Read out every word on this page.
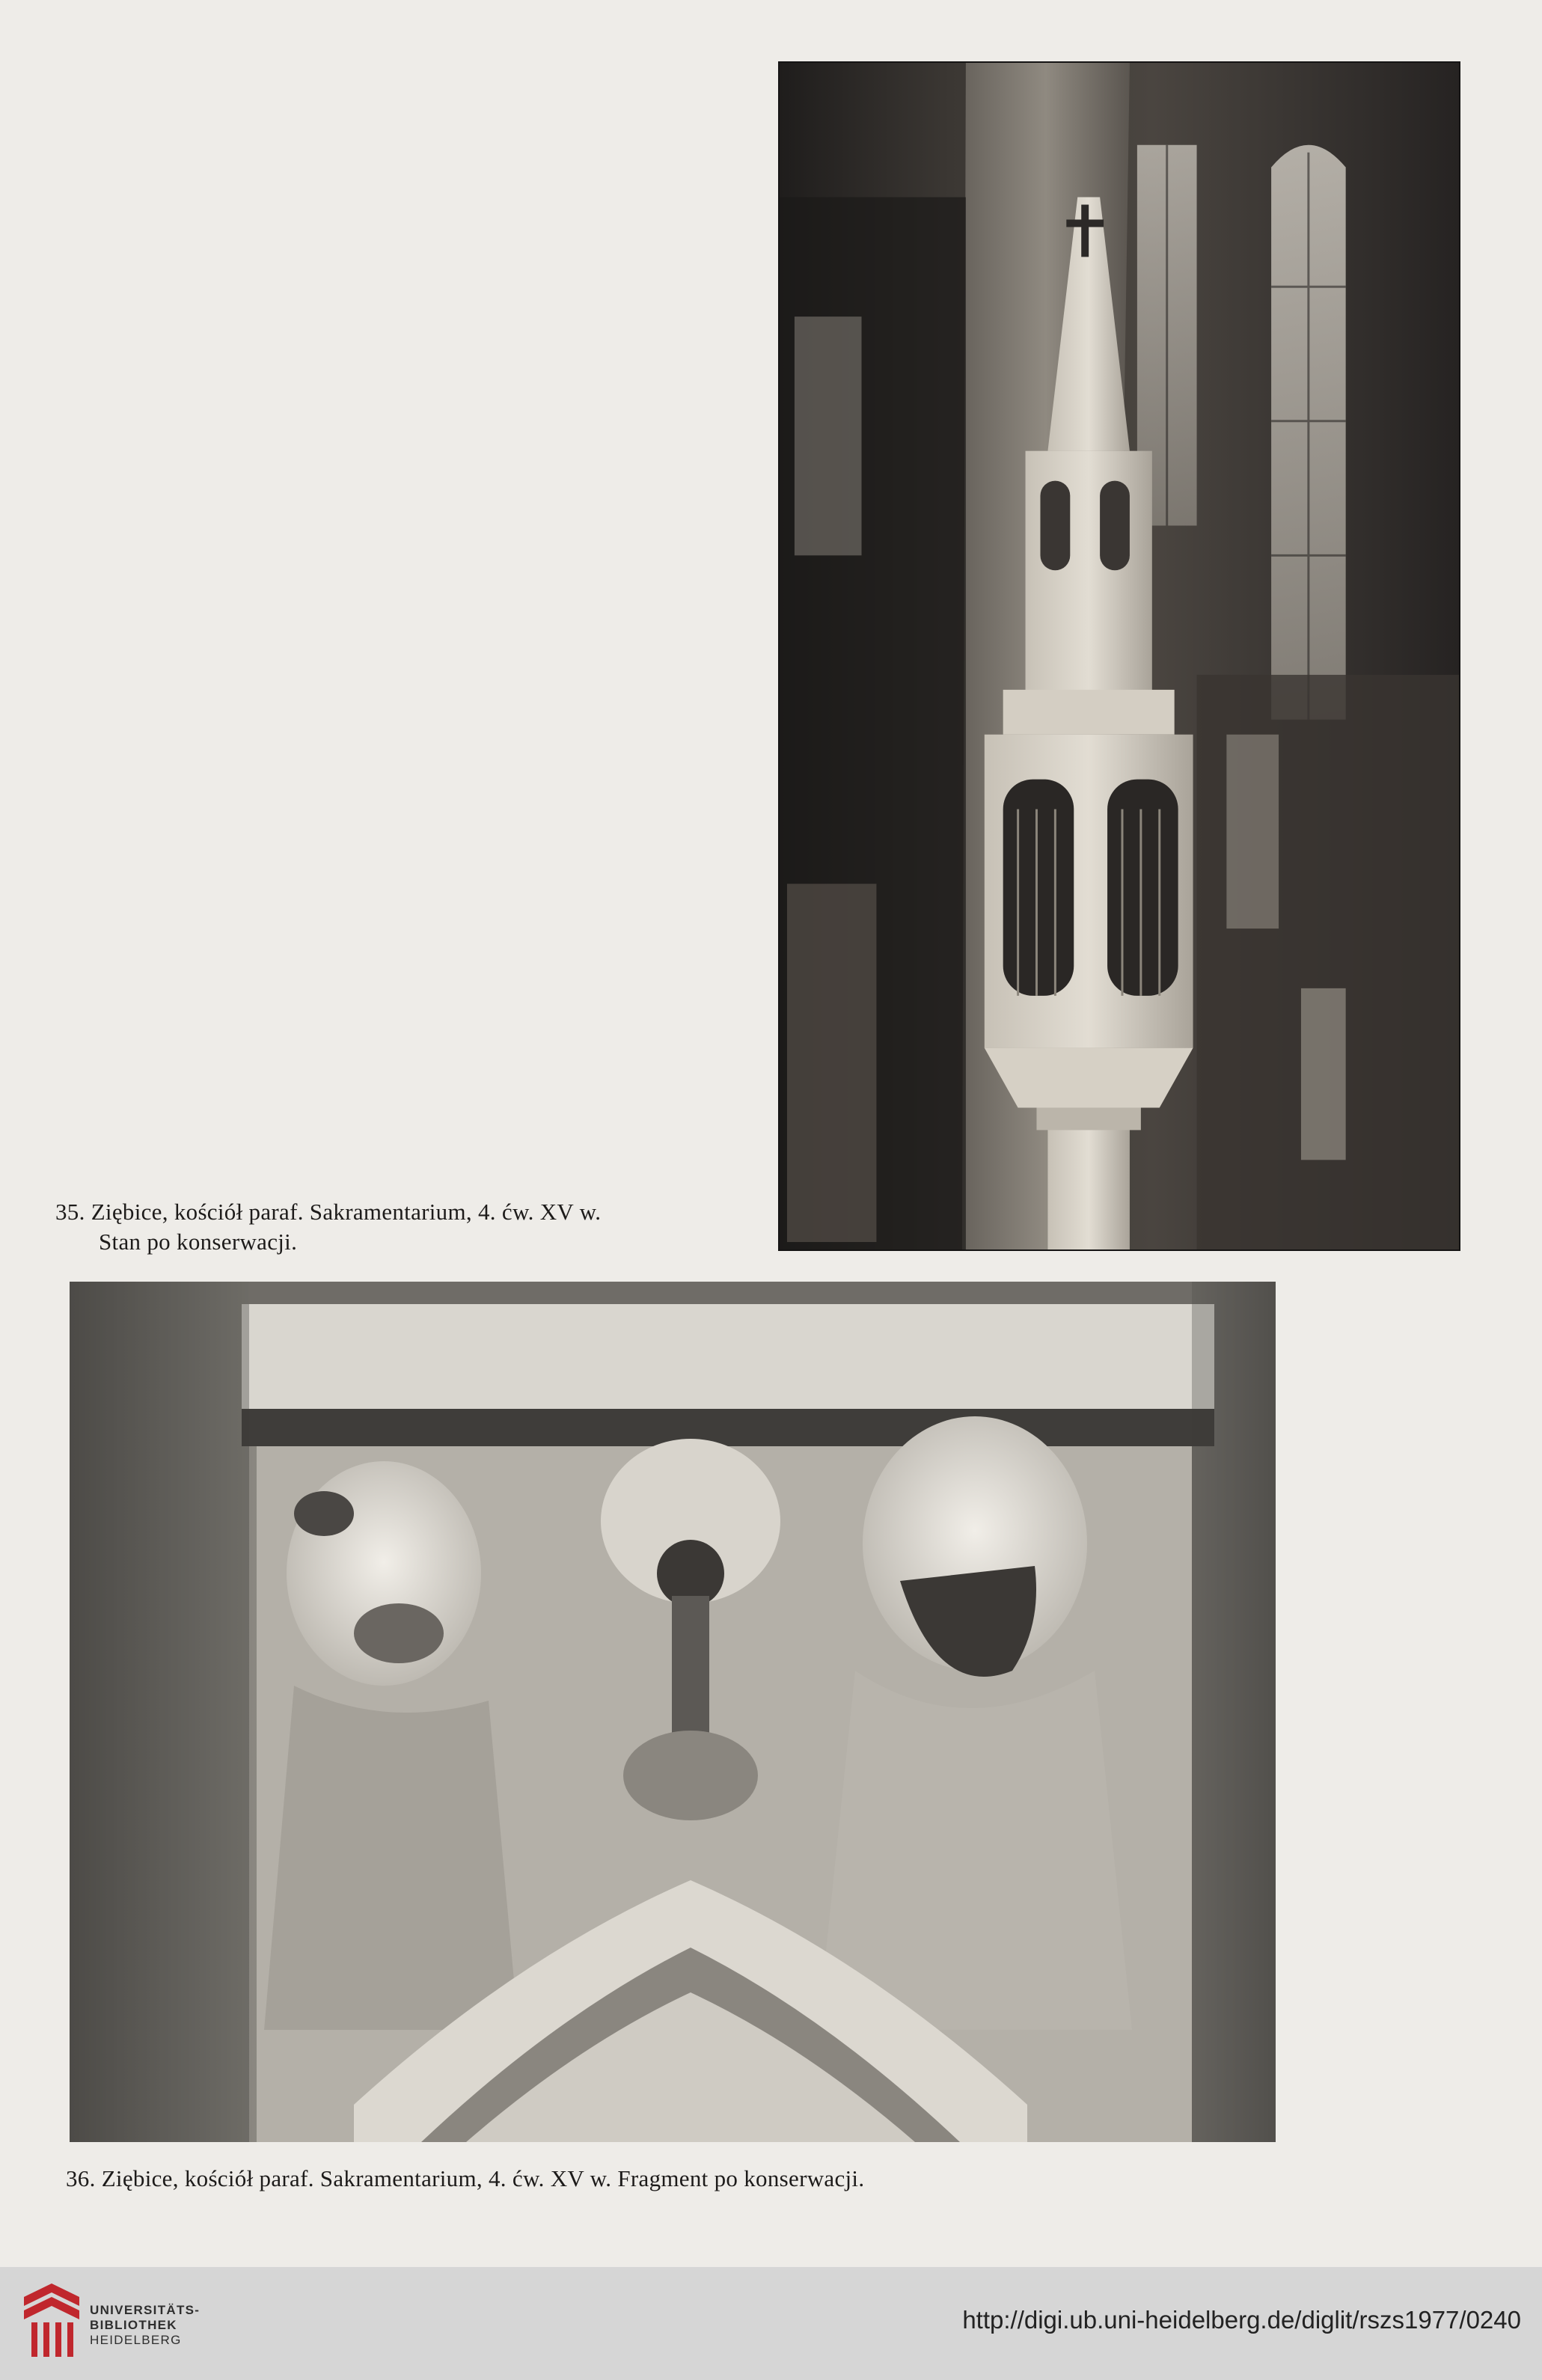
35. Ziębice, kościół paraf. Sakramentarium, 4. ćw. XV w.
Stan po konserwacji.
36. Ziębice, kościół paraf. Sakramentarium, 4. ćw. XV w. Fragment po konserwacji.
UNIVERSITÄTS-
BIBLIOTHEK
HEIDELBERG
http://digi.ub.uni-heidelberg.de/diglit/rszs1977/0240
